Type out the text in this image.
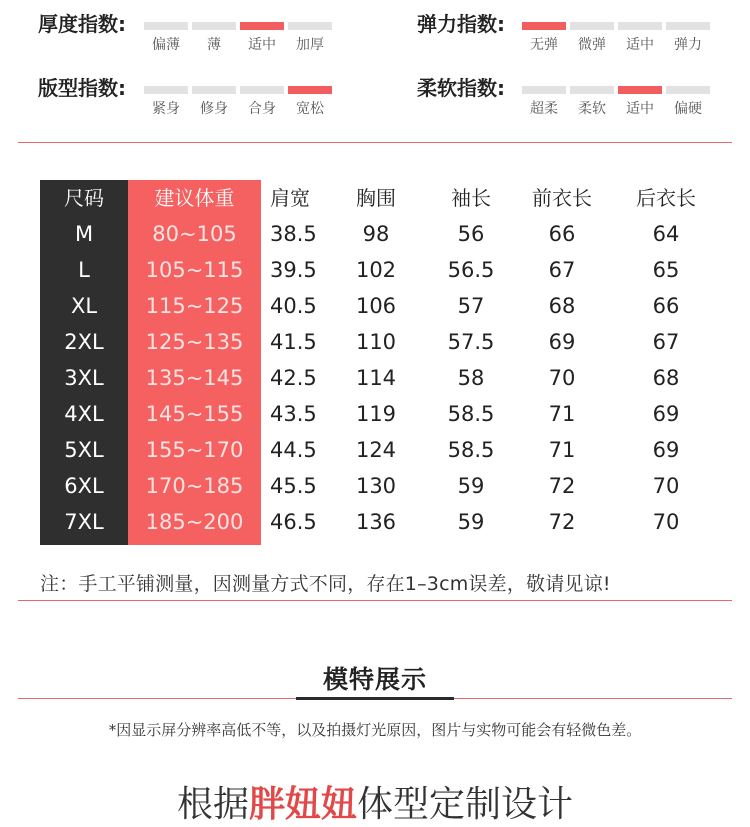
厚度指数:
偏薄 薄 适中 加厚
弹力指数:
无弹 微弹 适中 弹力
版型指数:
紧身 修身 合身 宽松
柔软指数:
超柔 柔软 适中 偏硬
尺码	建议体重	肩宽	胸围	袖长	前衣长	后衣长
M	80~105	38.5	98	56	66	64
L	105~115	39.5	102	56.5	67	65
XL	115~125	40.5	106	57	68	66
2XL	125~135	41.5	110	57.5	69	67
3XL	135~145	42.5	114	58	70	68
4XL	145~155	43.5	119	58.5	71	69
5XL	155~170	44.5	124	58.5	71	69
6XL	170~185	45.5	130	59	72	70
7XL	185~200	46.5	136	59	72	70
注：手工平铺测量，因测量方式不同，存在1–3cm误差，敬请见谅!
模特展示
*因显示屏分辨率高低不等，以及拍摄灯光原因，图片与实物可能会有轻微色差。
根据胖妞妞体型定制设计
